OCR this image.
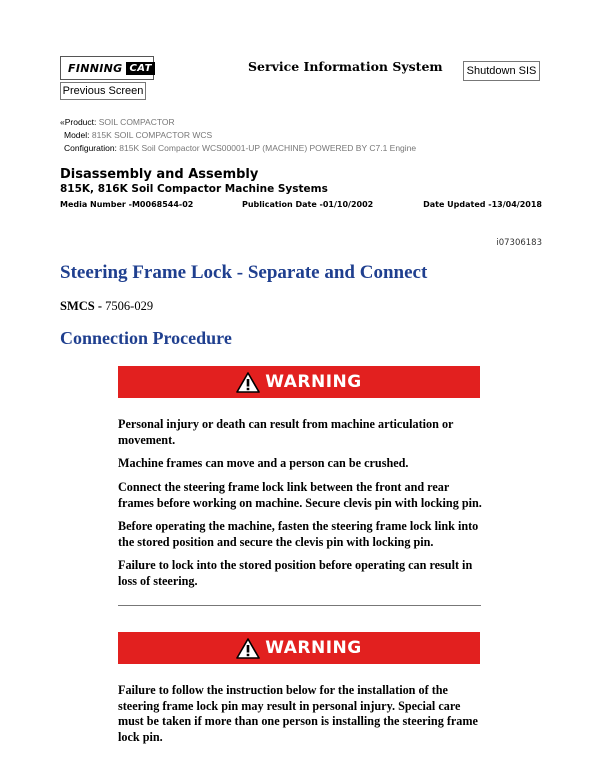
FINNING CAT	Service Information System	Shutdown SIS
Previous Screen
«Product: SOIL COMPACTOR
Model: 815K SOIL COMPACTOR WCS
Configuration: 815K Soil Compactor WCS00001-UP (MACHINE) POWERED BY C7.1 Engine
Disassembly and Assembly
815K, 816K Soil Compactor Machine Systems
Media Number -M0068544-02	Publication Date -01/10/2002	Date Updated -13/04/2018
i07306183
Steering Frame Lock - Separate and Connect
SMCS - 7506-029
Connection Procedure
WARNING

Personal injury or death can result from machine articulation or movement.

Machine frames can move and a person can be crushed.

Connect the steering frame lock link between the front and rear frames before working on machine. Secure clevis pin with locking pin.

Before operating the machine, fasten the steering frame lock link into the stored position and secure the clevis pin with locking pin.

Failure to lock into the stored position before operating can result in loss of steering.

WARNING

Failure to follow the instruction below for the installation of the steering frame lock pin may result in personal injury. Special care must be taken if more than one person is installing the steering frame lock pin.
